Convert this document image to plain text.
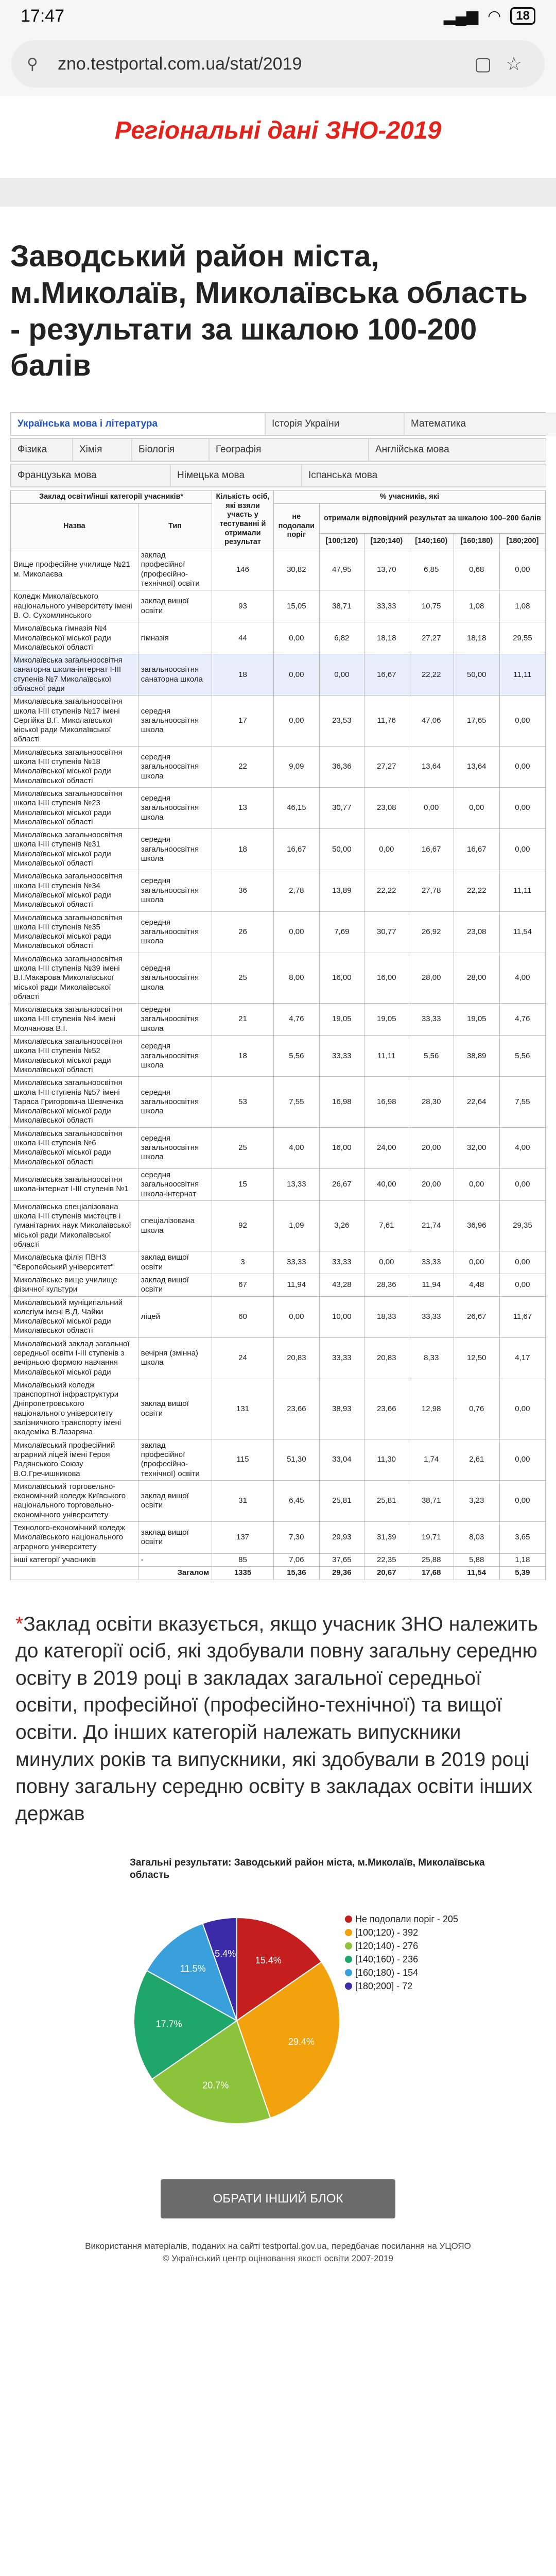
17:47	▂▄▆ ◠	18
⚲	zno.testportal.com.ua/stat/2019	▢ ☆
Регіональні дані ЗНО-2019
Заводський район міста, м.Миколаїв, Миколаївська область - результати за шкалою 100-200 балів
Українська мова і література	Історія України	Математика
Фізика	Хімія	Біологія	Географія	Англійська мова
Французька мова	Німецька мова	Іспанська мова
Заклад освіти/інші категорії учасників*		Кількість осіб, які взяли участь у тестуванні й отримали результат	% учасників, які					
Назва	Тип		не подолали поріг	отримали відповідний результат за шкалою 100–200 балів				
				[100;120)	[120;140)	[140;160)	[160;180)	[180;200]
Вище професійне училище №21 м. Миколаєва	заклад професійної (професійно-технічної) освіти	146	30,82	47,95	13,70	6,85	0,68	0,00
Коледж Миколаївського національного університету імені В. О. Сухомлинського	заклад вищої освіти	93	15,05	38,71	33,33	10,75	1,08	1,08
Миколаївська гімназія №4 Миколаївської міської ради Миколаївської області	гімназія	44	0,00	6,82	18,18	27,27	18,18	29,55
Миколаївська загальноосвітня санаторна школа-інтернат І-ІІІ ступенів №7 Миколаївської обласної ради	загальноосвітня санаторна школа	18	0,00	0,00	16,67	22,22	50,00	11,11
Миколаївська загальноосвітня школа І-ІІІ ступенів №17 імені Сергійка В.Г. Миколаївської міської ради Миколаївської області	середня загальноосвітня школа	17	0,00	23,53	11,76	47,06	17,65	0,00
Миколаївська загальноосвітня школа І-ІІІ ступенів №18 Миколаївської міської ради Миколаївської області	середня загальноосвітня школа	22	9,09	36,36	27,27	13,64	13,64	0,00
Миколаївська загальноосвітня школа І-ІІІ ступенів №23 Миколаївської міської ради Миколаївської області	середня загальноосвітня школа	13	46,15	30,77	23,08	0,00	0,00	0,00
Миколаївська загальноосвітня школа І-ІІІ ступенів №31 Миколаївської міської ради Миколаївської області	середня загальноосвітня школа	18	16,67	50,00	0,00	16,67	16,67	0,00
Миколаївська загальноосвітня школа І-ІІІ ступенів №34 Миколаївської міської ради Миколаївської області	середня загальноосвітня школа	36	2,78	13,89	22,22	27,78	22,22	11,11
Миколаївська загальноосвітня школа І-ІІІ ступенів №35 Миколаївської міської ради Миколаївської області	середня загальноосвітня школа	26	0,00	7,69	30,77	26,92	23,08	11,54
Миколаївська загальноосвітня школа І-ІІІ ступенів №39 імені В.І.Макарова Миколаївської міської ради Миколаївської області	середня загальноосвітня школа	25	8,00	16,00	16,00	28,00	28,00	4,00
Миколаївська загальноосвітня школа І-ІІІ ступенів №4 імені Молчанова В.І.	середня загальноосвітня школа	21	4,76	19,05	19,05	33,33	19,05	4,76
Миколаївська загальноосвітня школа І-ІІІ ступенів №52 Миколаївської міської ради Миколаївської області	середня загальноосвітня школа	18	5,56	33,33	11,11	5,56	38,89	5,56
Миколаївська загальноосвітня школа І-ІІІ ступенів №57 імені Тараса Григоровича Шевченка Миколаївської міської ради Миколаївської області	середня загальноосвітня школа	53	7,55	16,98	16,98	28,30	22,64	7,55
Миколаївська загальноосвітня школа І-ІІІ ступенів №6 Миколаївської міської ради Миколаївської області	середня загальноосвітня школа	25	4,00	16,00	24,00	20,00	32,00	4,00
Миколаївська загальноосвітня школа-інтернат І-ІІІ ступенів №1	середня загальноосвітня школа-інтернат	15	13,33	26,67	40,00	20,00	0,00	0,00
Миколаївська спеціалізована школа І-ІІІ ступенів мистецтв і гуманітарних наук Миколаївської міської ради Миколаївської області	спеціалізована школа	92	1,09	3,26	7,61	21,74	36,96	29,35
Миколаївська філія ПВНЗ "Європейський університет"	заклад вищої освіти	3	33,33	33,33	0,00	33,33	0,00	0,00
Миколаївське вище училище фізичної культури	заклад вищої освіти	67	11,94	43,28	28,36	11,94	4,48	0,00
Миколаївський муніципальний колегіум імені В.Д. Чайки Миколаївської міської ради Миколаївської області	ліцей	60	0,00	10,00	18,33	33,33	26,67	11,67
Миколаївський заклад загальної середньої освіти І-ІІІ ступенів з вечірньою формою навчання Миколаївської міської ради	вечірня (змінна) школа	24	20,83	33,33	20,83	8,33	12,50	4,17
Миколаївський коледж транспортної інфраструктури Дніпропетровського національного університету залізничного транспорту імені академіка В.Лазаряна	заклад вищої освіти	131	23,66	38,93	23,66	12,98	0,76	0,00
Миколаївський професійний аграрний ліцей імені Героя Радянського Союзу В.О.Гречишникова	заклад професійної (професійно-технічної) освіти	115	51,30	33,04	11,30	1,74	2,61	0,00
Миколаївський торговельно-економічний коледж Київського національного торговельно-економічного університету	заклад вищої освіти	31	6,45	25,81	25,81	38,71	3,23	0,00
Технолого-економічний коледж Миколаївського національного аграрного університету	заклад вищої освіти	137	7,30	29,93	31,39	19,71	8,03	3,65
інші категорії учасників	-	85	7,06	37,65	22,35	25,88	5,88	1,18
	Загалом	1335	15,36	29,36	20,67	17,68	11,54	5,39

*Заклад освіти вказується, якщо учасник ЗНО належить до категорії осіб, які здобували повну загальну середню освіту в 2019 році в закладах загальної середньої освіти, професійної (професійно-технічної) та вищої освіти. До інших категорій належать випускники минулих років та випускники, які здобували в 2019 році повну загальну середню освіту в закладах освіти інших держав

Загальні результати: Заводський район міста, м.Миколаїв, Миколаївська область
15.4%
29.4%
20.7%
17.7%
11.5%
5.4%
Не подолали поріг - 205
[100;120) - 392
[120;140) - 276
[140;160) - 236
[160;180) - 154
[180;200] - 72
ОБРАТИ ІНШИЙ БЛОК
Використання матеріалів, поданих на сайті testportal.gov.ua, передбачає посилання на УЦОЯО
© Український центр оцінювання якості освіти 2007-2019
